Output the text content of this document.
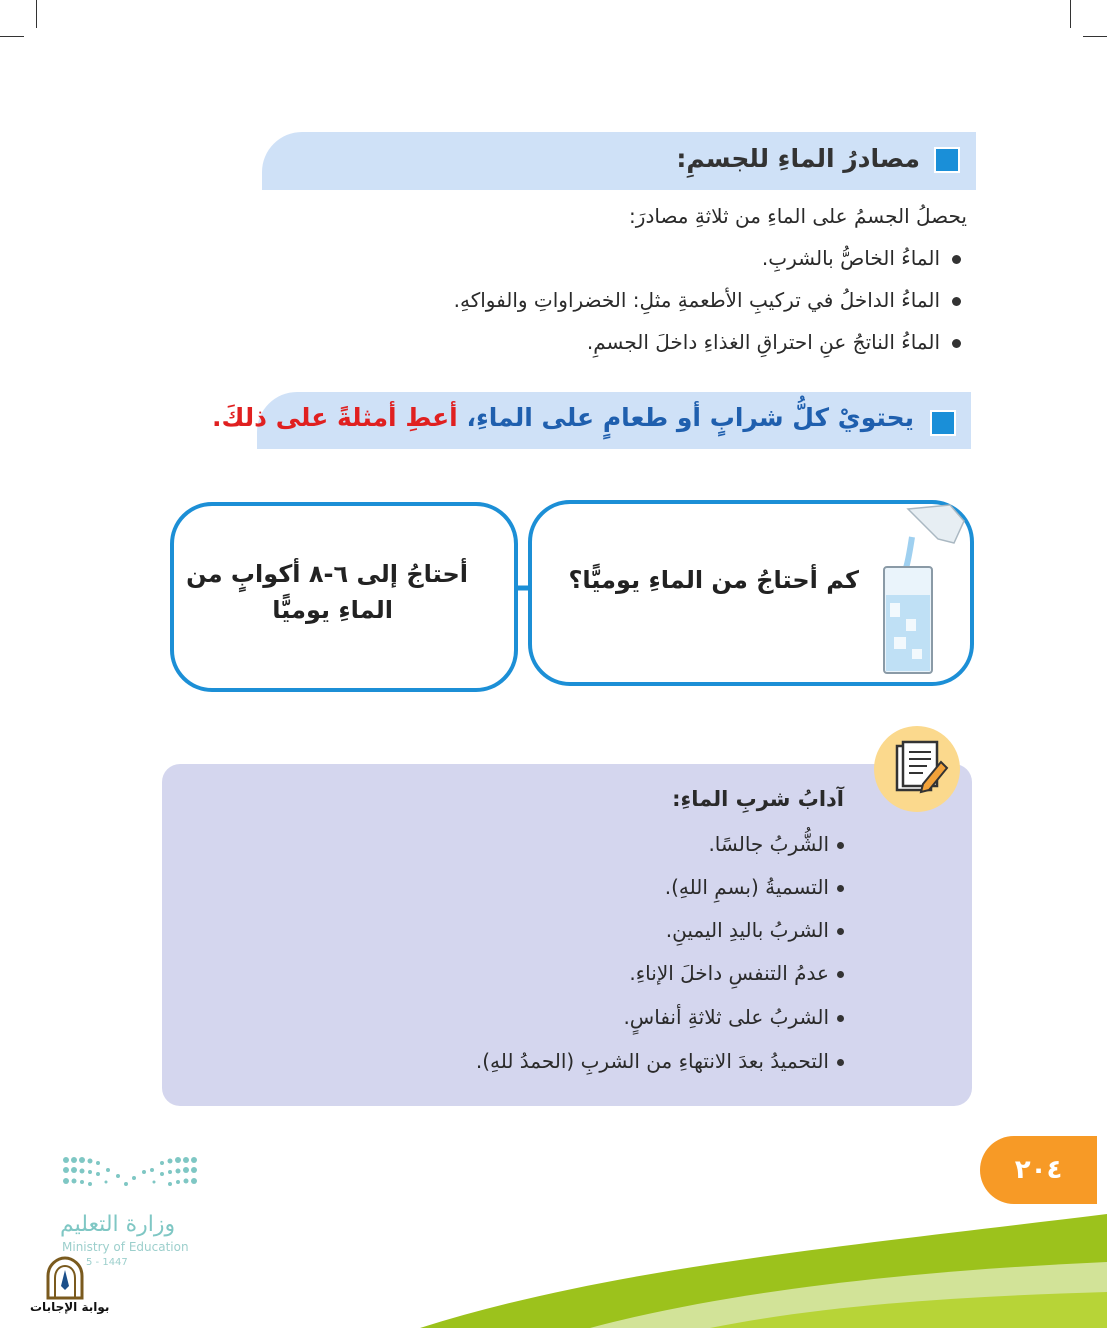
مصادرُ الماءِ للجسمِ:
يحصلُ الجسمُ على الماءِ من ثلاثةِ مصادرَ:
الماءُ الخاصُّ بالشربِ.
الماءُ الداخلُ في تركيبِ الأطعمةِ مثلِ: الخضراواتِ والفواكهِ.
الماءُ الناتجُ عنِ احتراقِ الغذاءِ داخلَ الجسمِ.
يحتويْ كلُّ شرابٍ أو طعامٍ على الماءِ، أعطِ أمثلةً على ذلكَ.
كم أحتاجُ من الماءِ يوميًّا؟
أحتاجُ إلى ٦-٨ أكوابٍ من
الماءِ يوميًّا
آدابُ شربِ الماءِ:
الشُّربُ جالسًا.
التسميةُ (بسمِ اللهِ).
الشربُ باليدِ اليمينِ.
عدمُ التنفسِ داخلَ الإناءِ.
الشربُ على ثلاثةِ أنفاسٍ.
التحميدُ بعدَ الانتهاءِ من الشربِ (الحمدُ للهِ).
٢٠٤
وزارة التعليم
Ministry of Education
5 - 1447
بوابة الإجابات
